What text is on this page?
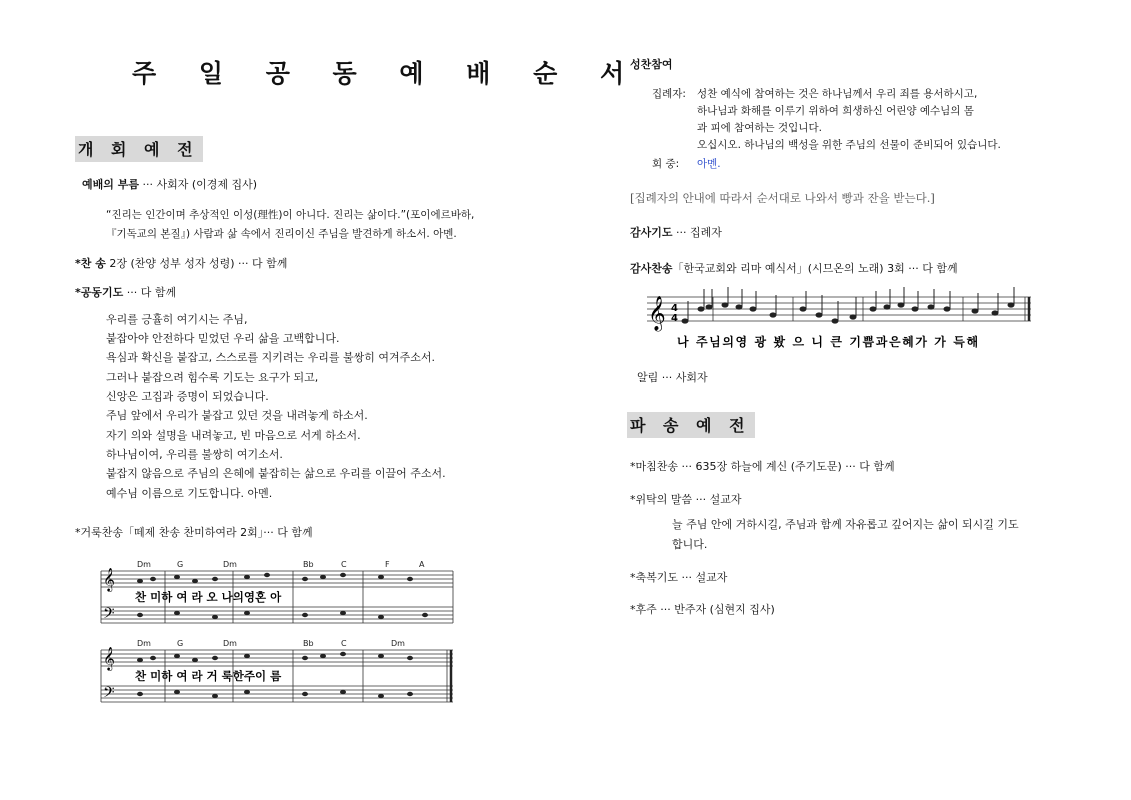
주 일 공 동 예 배 순 서
개 회 예 전
예배의 부름 ··· 사회자 (이경제 집사)
“진리는 인간이며 추상적인 이성(理性)이 아니다. 진리는 삶이다.”(포이에르바하,
『기독교의 본질』) 사람과 삶 속에서 진리이신 주님을 발견하게 하소서. 아멘.
*찬 송 2장 (찬양 성부 성자 성령) ··· 다 함께
*공동기도 ··· 다 함께
우리를 긍휼히 여기시는 주님,
붙잡아야 안전하다 믿었던 우리 삶을 고백합니다.
욕심과 확신을 붙잡고, 스스로를 지키려는 우리를 불쌍히 여겨주소서.
그러나 붙잡으려 힘수록 기도는 요구가 되고,
신앙은 고집과 증명이 되었습니다.
주님 앞에서 우리가 붙잡고 있던 것을 내려놓게 하소서.
자기 의와 설명을 내려놓고, 빈 마음으로 서게 하소서.
하나님이여, 우리를 불쌍히 여기소서.
붙잡지 않음으로 주님의 은혜에 붙잡히는 삶으로 우리를 이끌어 주소서.
예수님 이름으로 기도합니다. 아멘.
*거룩찬송「떼제 찬송 찬미하여라 2회」··· 다 함께
𝄞
𝄢
𝄞
𝄢
Dm	G	Dm	Bb	C	F	A
Dm	G	Dm	Bb	C	Dm
찬 미하 여 라 오 나의영혼 아
찬 미하 여 라 거 룩한주이 름
성찬참여
집례자: 성찬 예식에 참여하는 것은 하나님께서 우리 죄를 용서하시고,
하나님과 화해를 이루기 위하여 희생하신 어린양 예수님의 몸
과 피에 참여하는 것입니다.
오십시오. 하나님의 백성을 위한 주님의 선물이 준비되어 있습니다.
회 중: 아멘.
[집례자의 안내에 따라서 순서대로 나와서 빵과 잔을 받는다.]
감사기도 ··· 집례자
감사찬송「한국교회와 리마 예식서」(시므온의 노래) 3회 ··· 다 함께
𝄞 4
4
나 주님의영 광 봤 으 니 큰 기쁨과은혜가 가 득해
알림 ··· 사회자
파 송 예 전
*마침찬송 ··· 635장 하늘에 계신 (주기도문) ··· 다 함께
*위탁의 말씀 ··· 설교자
늘 주님 안에 거하시길, 주님과 함께 자유롭고 깊어지는 삶이 되시길 기도
합니다.
*축복기도 ··· 설교자
*후주 ··· 반주자 (심현지 집사)
